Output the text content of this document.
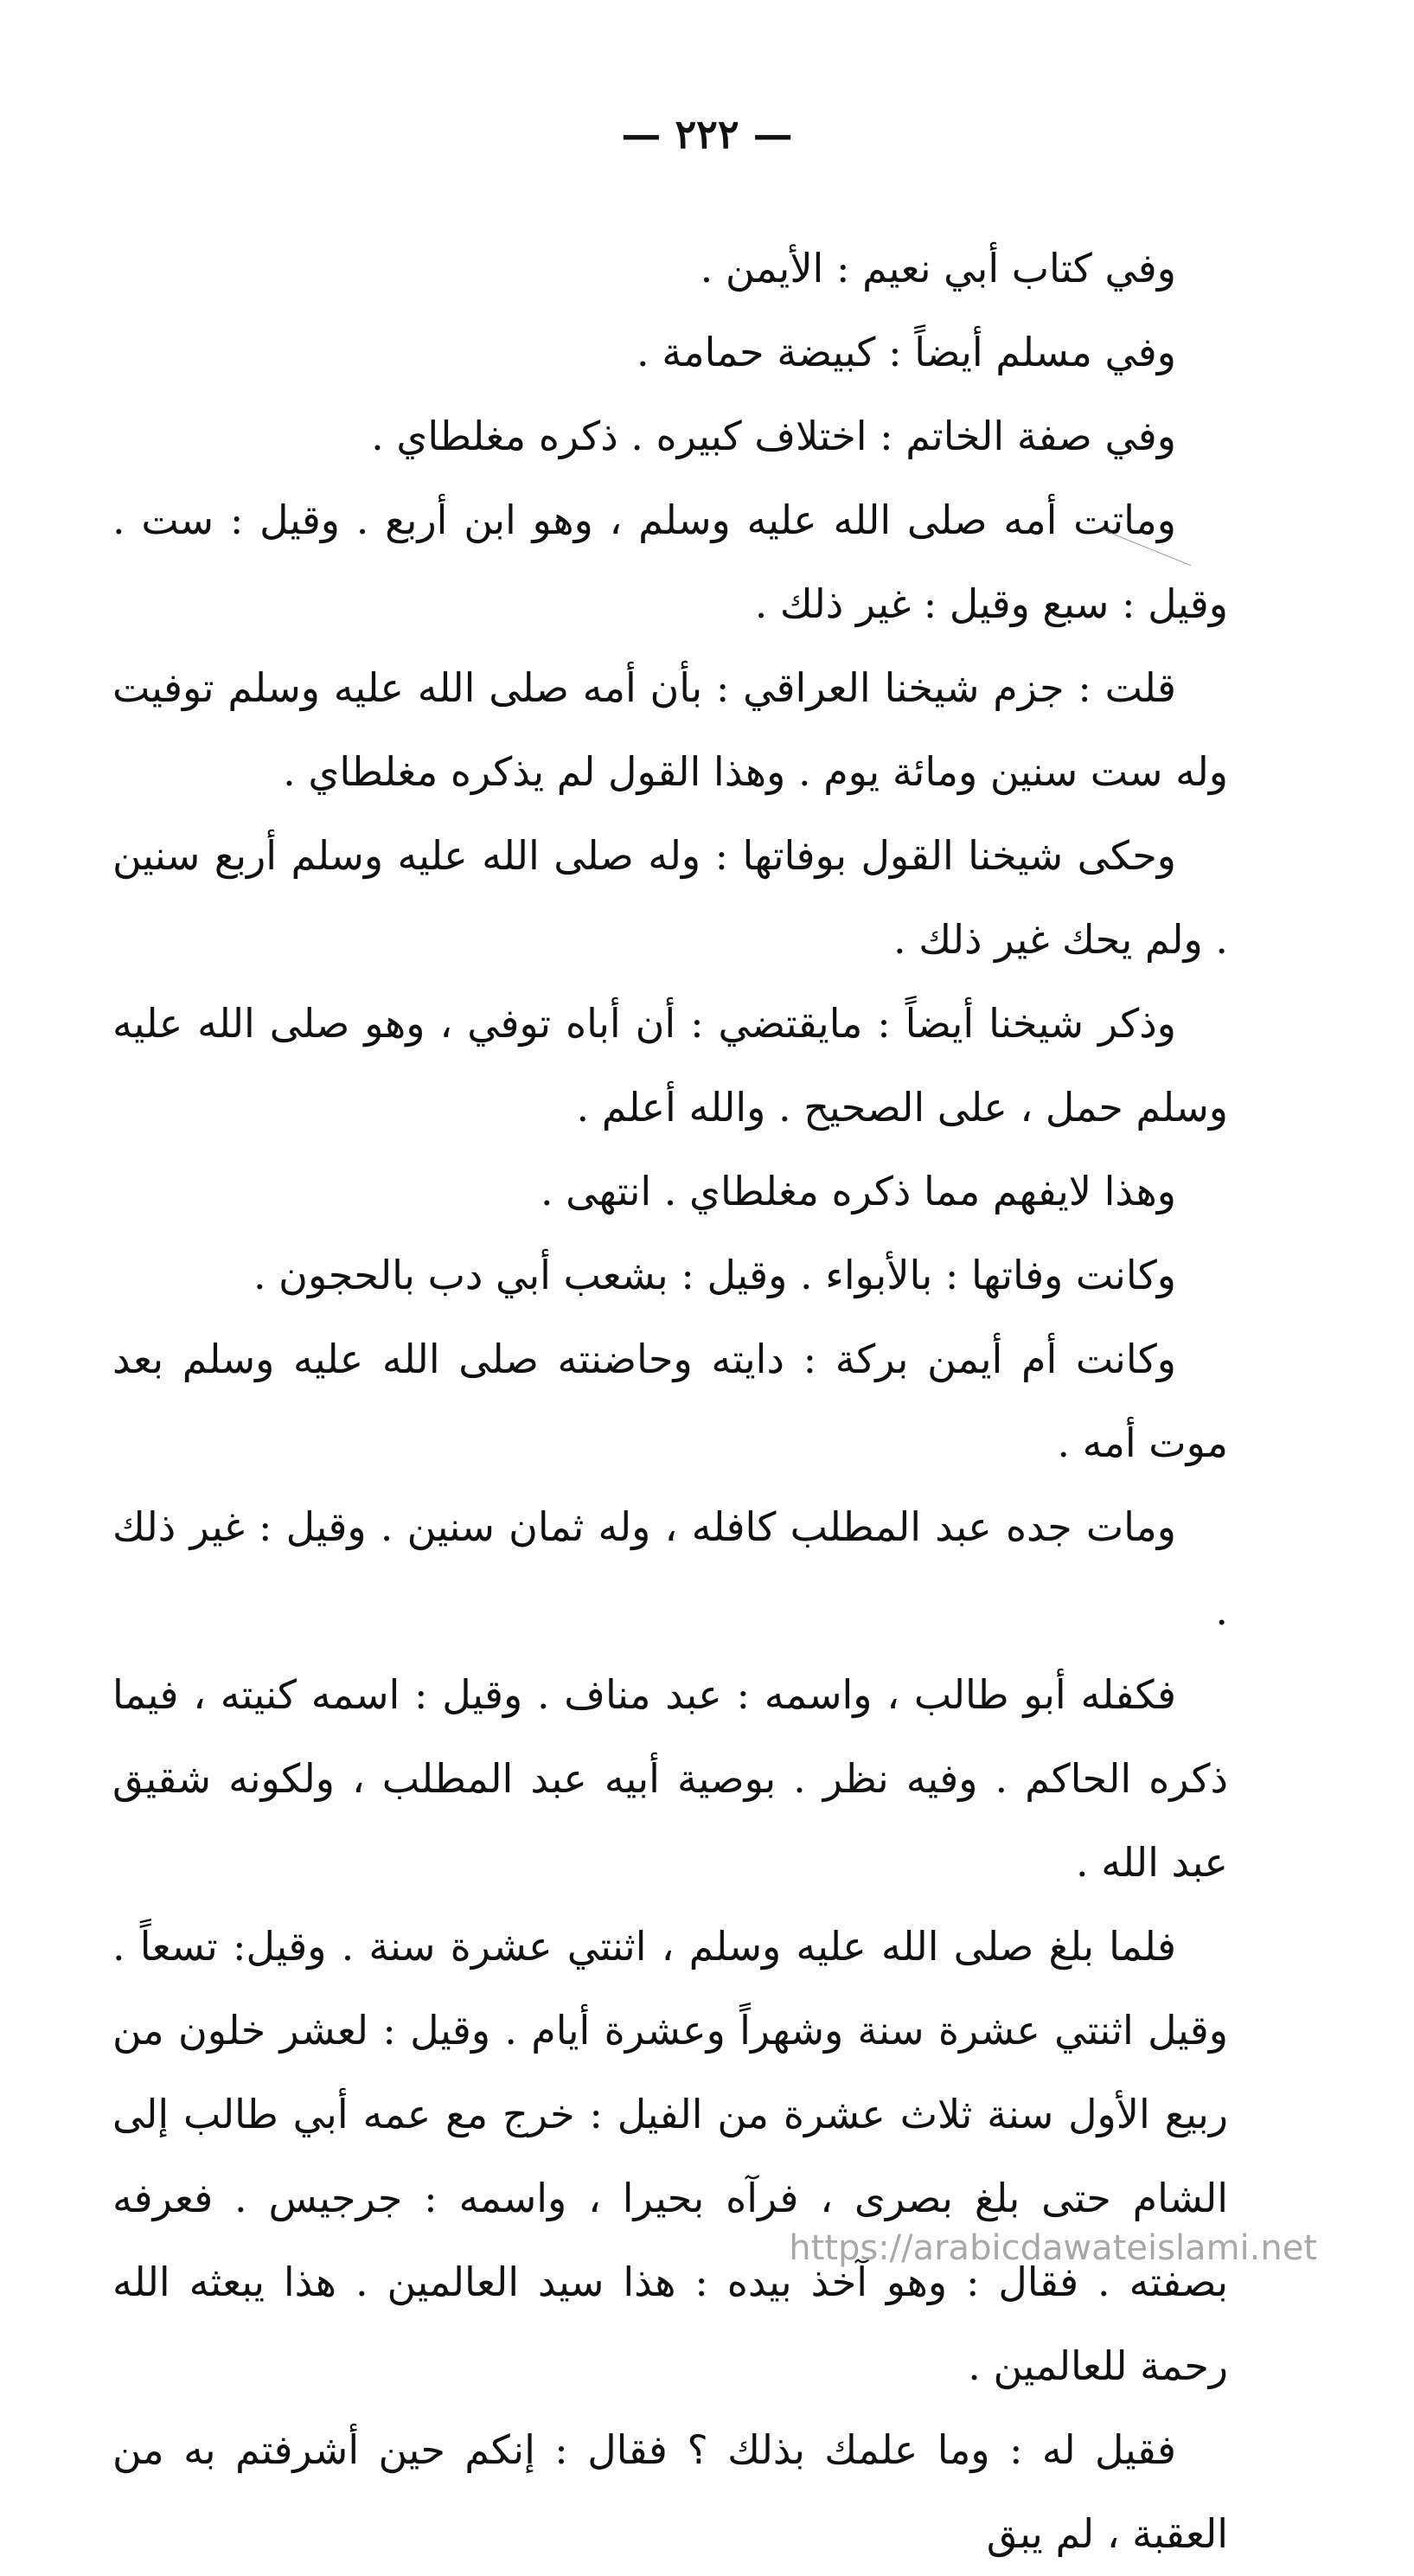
— ٢٢٢ —

وفي كتاب أبي نعيم : الأيمن .

وفي مسلم أيضاً : كبيضة حمامة .

وفي صفة الخاتم : اختلاف كبيره . ذكره مغلطاي .

وماتت أمه صلى الله عليه وسلم ، وهو ابن أربع . وقيل : ست . وقيل : سبع وقيل : غير ذلك .

قلت : جزم شيخنا العراقي : بأن أمه صلى الله عليه وسلم توفيت وله ست سنين ومائة يوم . وهذا القول لم يذكره مغلطاي .

وحكى شيخنا القول بوفاتها : وله صلى الله عليه وسلم أربع سنين . ولم يحك غير ذلك .

وذكر شيخنا أيضاً : مايقتضي : أن أباه توفي ، وهو صلى الله عليه وسلم حمل ، على الصحيح . والله أعلم .

وهذا لايفهم مما ذكره مغلطاي . انتهى .

وكانت وفاتها : بالأبواء . وقيل : بشعب أبي دب بالحجون .

وكانت أم أيمن بركة : دايته وحاضنته صلى الله عليه وسلم بعد موت أمه .

ومات جده عبد المطلب كافله ، وله ثمان سنين . وقيل : غير ذلك .

فكفله أبو طالب ، واسمه : عبد مناف . وقيل : اسمه كنيته ، فيما ذكره الحاكم . وفيه نظر . بوصية أبيه عبد المطلب ، ولكونه شقيق عبد الله .

فلما بلغ صلى الله عليه وسلم ، اثنتي عشرة سنة . وقيل: تسعاً . وقيل اثنتي عشرة سنة وشهراً وعشرة أيام . وقيل : لعشر خلون من ربيع الأول سنة ثلاث عشرة من الفيل : خرج مع عمه أبي طالب إلى الشام حتى بلغ بصرى ، فرآه بحيرا ، واسمه : جرجيس . فعرفه بصفته . فقال : وهو آخذ بيده : هذا سيد العالمين . هذا يبعثه الله رحمة للعالمين .

فقيل له : وما علمك بذلك ؟ فقال : إنكم حين أشرفتم به من العقبة ، لم يبق

https://arabicdawateislami.net
